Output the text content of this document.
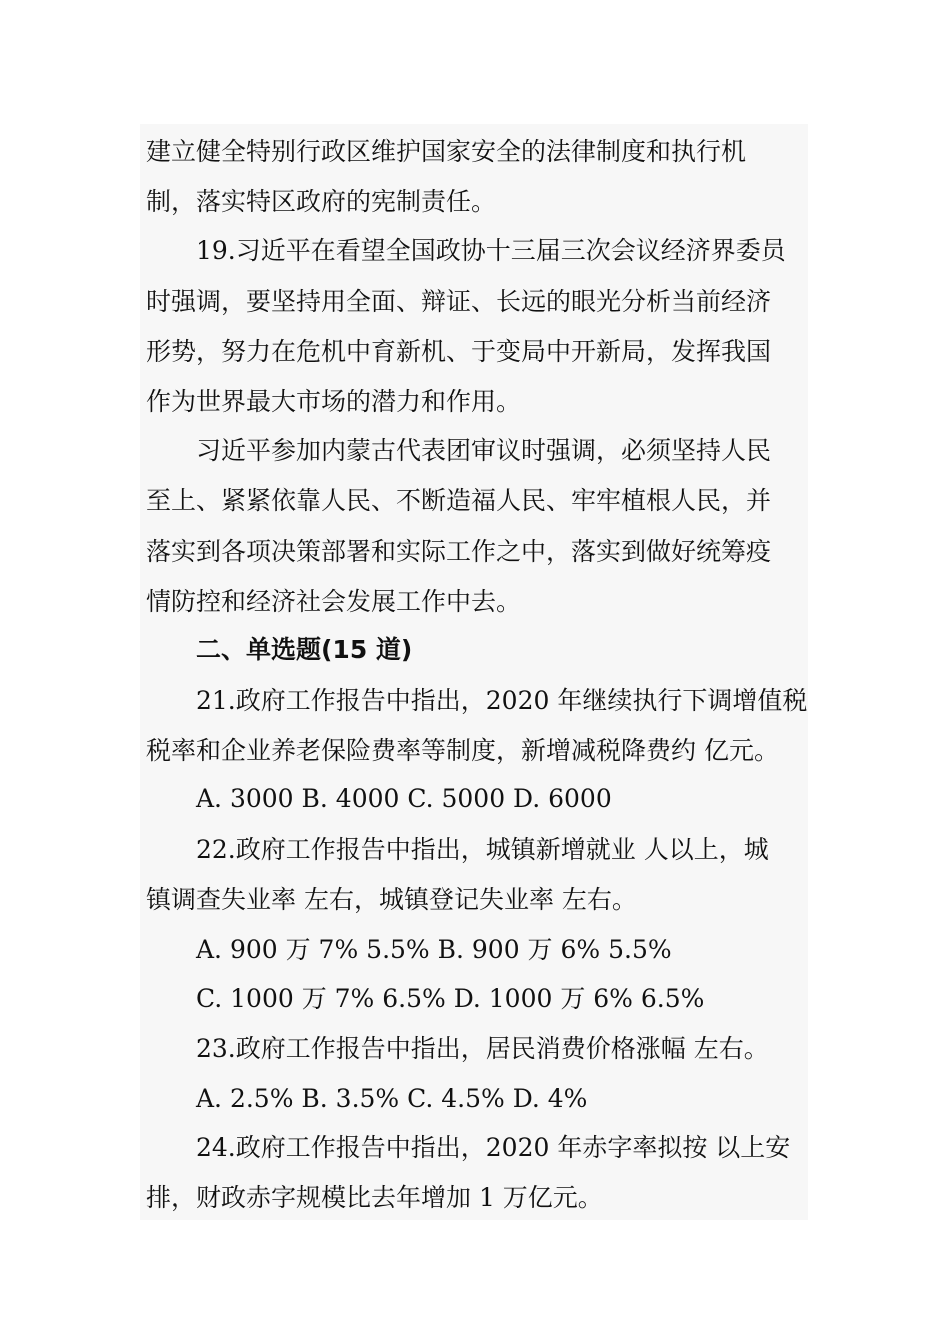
建立健全特别行政区维护国家安全的法律制度和执行机
制，落实特区政府的宪制责任。
19.习近平在看望全国政协十三届三次会议经济界委员
时强调，要坚持用全面、辩证、长远的眼光分析当前经济
形势，努力在危机中育新机、于变局中开新局，发挥我国
作为世界最大市场的潜力和作用。
习近平参加内蒙古代表团审议时强调，必须坚持人民
至上、紧紧依靠人民、不断造福人民、牢牢植根人民，并
落实到各项决策部署和实际工作之中，落实到做好统筹疫
情防控和经济社会发展工作中去。
二、单选题(15 道)
21.政府工作报告中指出，2020 年继续执行下调增值税
税率和企业养老保险费率等制度，新增减税降费约 亿元。
A. 3000 B. 4000 C. 5000 D. 6000
22.政府工作报告中指出，城镇新增就业 人以上，城
镇调查失业率 左右，城镇登记失业率 左右。
A. 900 万 7% 5.5% B. 900 万 6% 5.5%
C. 1000 万 7% 6.5% D. 1000 万 6% 6.5%
23.政府工作报告中指出，居民消费价格涨幅 左右。
A. 2.5% B. 3.5% C. 4.5% D. 4%
24.政府工作报告中指出，2020 年赤字率拟按 以上安
排，财政赤字规模比去年增加 1 万亿元。
